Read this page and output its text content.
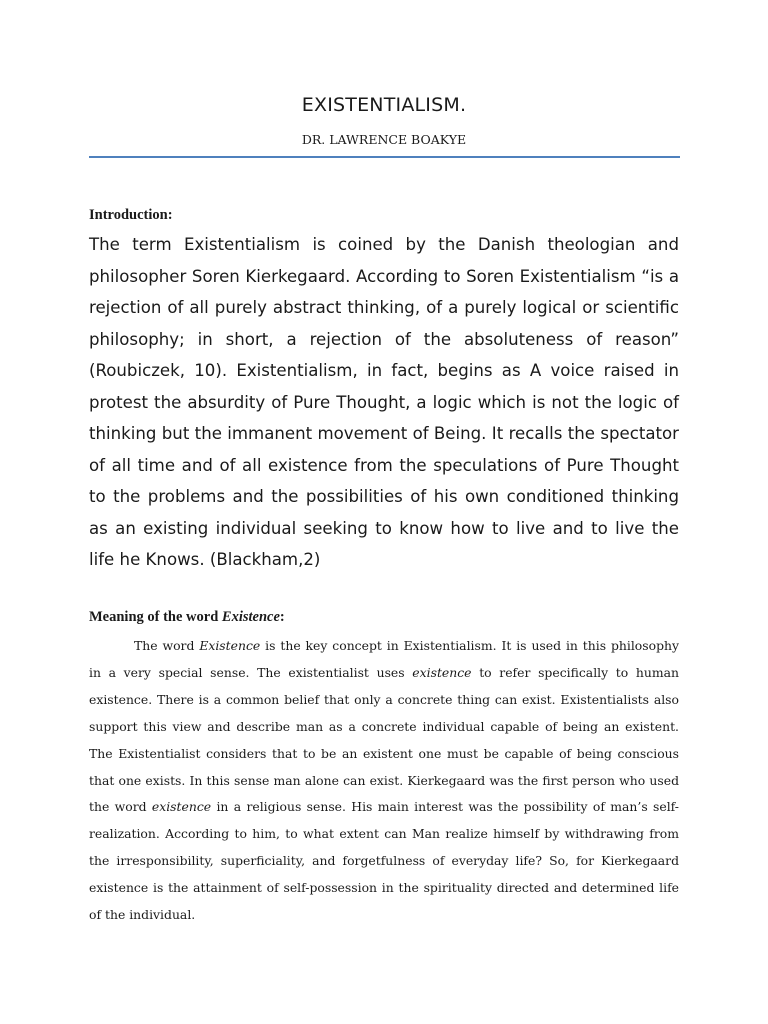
EXISTENTIALISM.
DR. LAWRENCE BOAKYE
Introduction:

The term Existentialism is coined by the Danish theologian and philosopher Soren Kierkegaard. According to Soren Existentialism “is a rejection of all purely abstract thinking, of a purely logical or scientific philosophy; in short, a rejection of the absoluteness of reason” (Roubiczek, 10). Existentialism, in fact, begins as A voice raised in protest the absurdity of Pure Thought, a logic which is not the logic of thinking but the immanent movement of Being. It recalls the spectator of all time and of all existence from the speculations of Pure Thought to the problems and the possibilities of his own conditioned thinking as an existing individual seeking to know how to live and to live the life he Knows. (Blackham,2)

Meaning of the word Existence:

The word Existence is the key concept in Existentialism. It is used in this philosophy in a very special sense. The existentialist uses existence to refer specifically to human existence. There is a common belief that only a concrete thing can exist. Existentialists also support this view and describe man as a concrete individual capable of being an existent. The Existentialist considers that to be an existent one must be capable of being conscious that one exists. In this sense man alone can exist. Kierkegaard was the first person who used the word existence in a religious sense. His main interest was the possibility of man’s self-realization. According to him, to what extent can Man realize himself by withdrawing from the irresponsibility, superficiality, and forgetfulness of everyday life? So, for Kierkegaard existence is the attainment of self-possession in the spirituality directed and determined life of the individual.
